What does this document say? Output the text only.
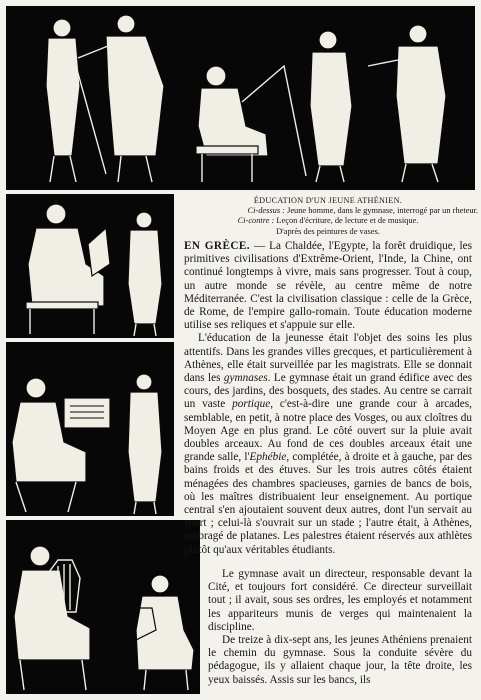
ÉDUCATION D'UN JEUNE ATHÉNIEN.
Ci-dessus : Jeune homme, dans le gymnase, interrogé par un rheteur.
Ci-contre : Leçon d'écriture, de lecture et de musique.
D'après des peintures de vases.

EN GRÈCE. — La Chaldée, l'Egypte, la forêt druidique, les primitives civilisations d'Extrême-Orient, l'Inde, la Chine, ont continué longtemps à vivre, mais sans progresser. Tout à coup, un autre monde se révèle, au centre même de notre Méditerranée. C'est la civilisation classique : celle de la Grèce, de Rome, de l'empire gallo-romain. Toute éducation moderne utilise ses reliques et s'appuie sur elle.

L'éducation de la jeunesse était l'objet des soins les plus attentifs. Dans les grandes villes grecques, et particulièrement à Athènes, elle était surveillée par les magistrats. Elle se donnait dans les gymnases. Le gymnase était un grand édifice avec des cours, des jardins, des bosquets, des stades. Au centre se carrait un vaste portique, c'est-à-dire une grande cour à arcades, semblable, en petit, à notre place des Vosges, ou aux cloîtres du Moyen Age en plus grand. Le côté ouvert sur la pluie avait doubles arceaux. Au fond de ces doubles arceaux était une grande salle, l'Ephébie, complétée, à droite et à gauche, par des bains froids et des étuves. Sur les trois autres côtés étaient ménagées des chambres spacieuses, garnies de bancs de bois, où les maîtres distribuaient leur enseignement. Au portique central s'en ajoutaient souvent deux autres, dont l'un servait au sport ; celui-là s'ouvrait sur un stade ; l'autre était, à Athènes, ombragé de platanes. Les palestres étaient réservés aux athlètes plutôt qu'aux véritables étudiants.

Le gymnase avait un directeur, responsable devant la Cité, et toujours fort considéré. Ce directeur surveillait tout ; il avait, sous ses ordres, les employés et notamment les appariteurs munis de verges qui maintenaient la discipline.

De treize à dix-sept ans, les jeunes Athéniens prenaient le chemin du gymnase. Sous la conduite sévère du pédagogue, ils y allaient chaque jour, la tête droite, les yeux baissés. Assis sur les bancs, ils
